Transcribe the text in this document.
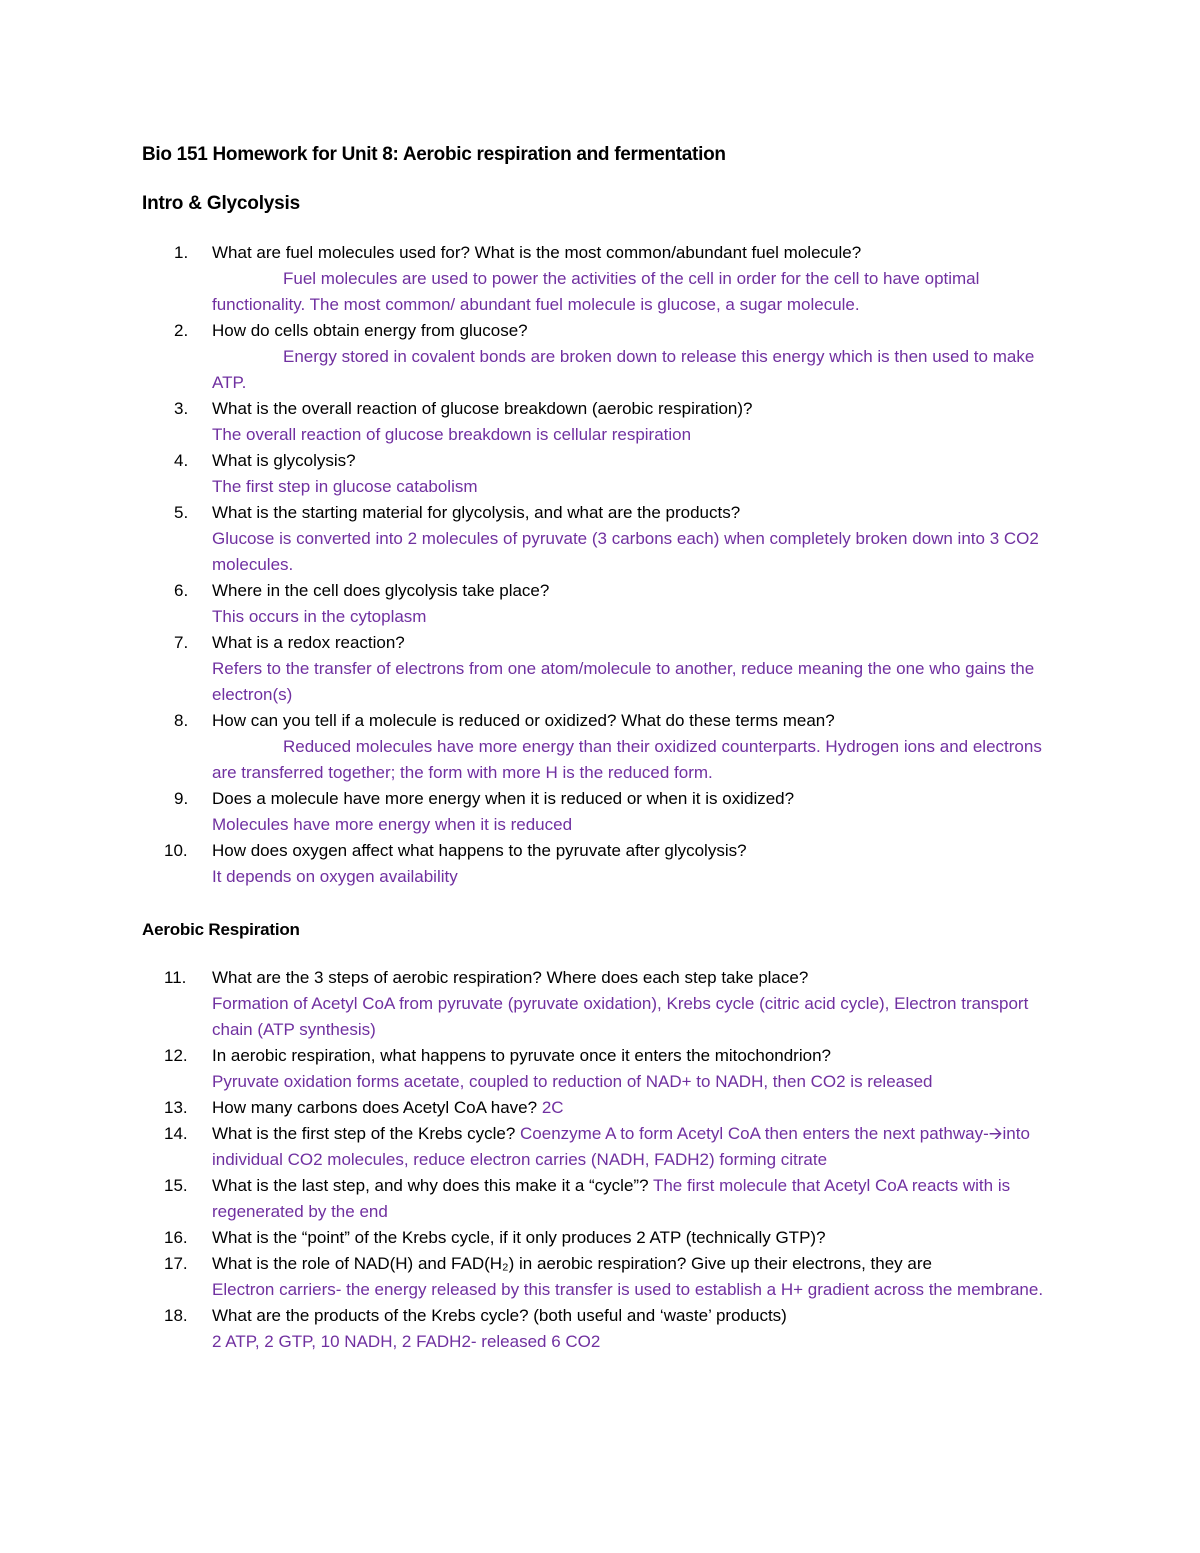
Bio 151 Homework for Unit 8: Aerobic respiration and fermentation
Intro & Glycolysis
1. What are fuel molecules used for? What is the most common/abundant fuel molecule?
Fuel molecules are used to power the activities of the cell in order for the cell to have optimal functionality. The most common/ abundant fuel molecule is glucose, a sugar molecule.
2. How do cells obtain energy from glucose?
Energy stored in covalent bonds are broken down to release this energy which is then used to make ATP.
3. What is the overall reaction of glucose breakdown (aerobic respiration)?
The overall reaction of glucose breakdown is cellular respiration
4. What is glycolysis?
The first step in glucose catabolism
5. What is the starting material for glycolysis, and what are the products?
Glucose is converted into 2 molecules of pyruvate (3 carbons each) when completely broken down into 3 CO2 molecules.
6. Where in the cell does glycolysis take place?
This occurs in the cytoplasm
7. What is a redox reaction?
Refers to the transfer of electrons from one atom/molecule to another, reduce meaning the one who gains the electron(s)
8. How can you tell if a molecule is reduced or oxidized? What do these terms mean?
Reduced molecules have more energy than their oxidized counterparts. Hydrogen ions and electrons are transferred together; the form with more H is the reduced form.
9. Does a molecule have more energy when it is reduced or when it is oxidized?
Molecules have more energy when it is reduced
10. How does oxygen affect what happens to the pyruvate after glycolysis?
It depends on oxygen availability
Aerobic Respiration
11. What are the 3 steps of aerobic respiration? Where does each step take place?
Formation of Acetyl CoA from pyruvate (pyruvate oxidation), Krebs cycle (citric acid cycle), Electron transport chain (ATP synthesis)
12. In aerobic respiration, what happens to pyruvate once it enters the mitochondrion?
Pyruvate oxidation forms acetate, coupled to reduction of NAD+ to NADH, then CO2 is released
13. How many carbons does Acetyl CoA have? 2C
14. What is the first step of the Krebs cycle? Coenzyme A to form Acetyl CoA then enters the next pathway-🡪into individual CO2 molecules, reduce electron carries (NADH, FADH2) forming citrate
15. What is the last step, and why does this make it a “cycle”? The first molecule that Acetyl CoA reacts with is regenerated by the end
16. What is the “point” of the Krebs cycle, if it only produces 2 ATP (technically GTP)?
17. What is the role of NAD(H) and FAD(H₂) in aerobic respiration? Give up their electrons, they are
Electron carriers- the energy released by this transfer is used to establish a H+ gradient across the membrane.
18. What are the products of the Krebs cycle? (both useful and ‘waste’ products)
2 ATP, 2 GTP, 10 NADH, 2 FADH2- released 6 CO2
